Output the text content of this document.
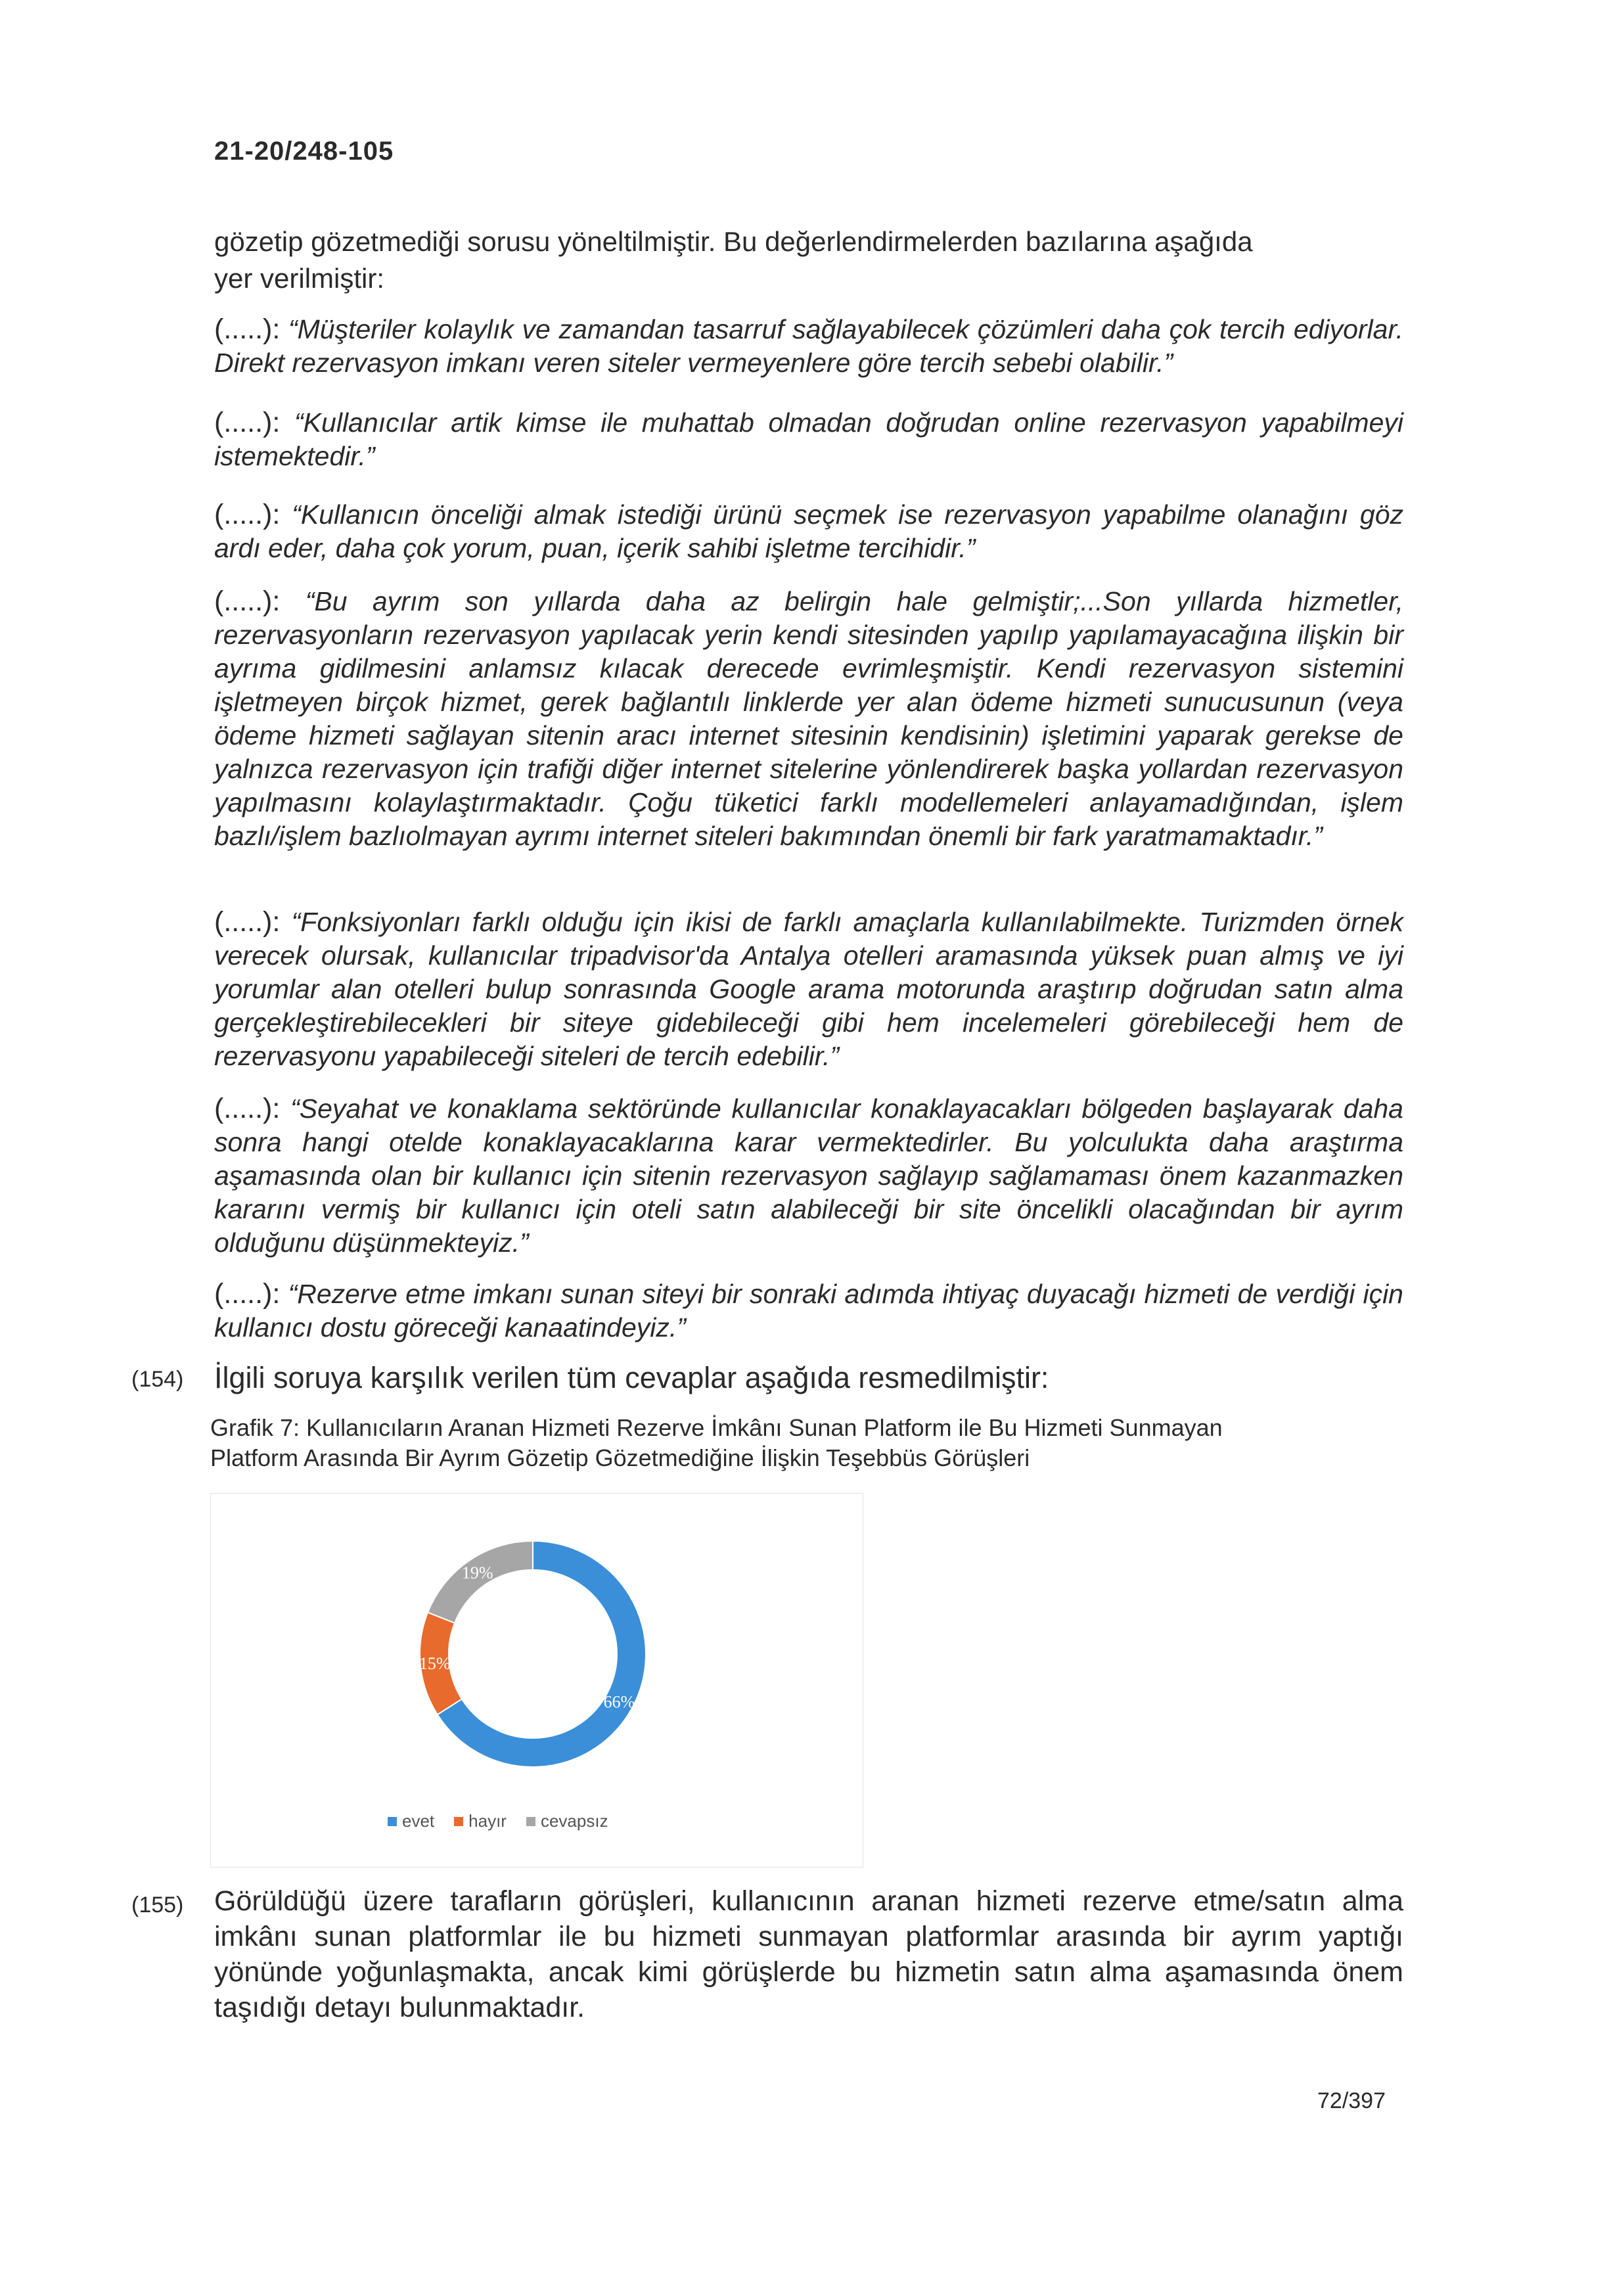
21-20/248-105
gözetip gözetmediği sorusu yöneltilmiştir. Bu değerlendirmelerden bazılarına aşağıda
yer verilmiştir:
(.....): “Müşteriler kolaylık ve zamandan tasarruf sağlayabilecek çözümleri daha çok tercih ediyorlar. Direkt rezervasyon imkanı veren siteler vermeyenlere göre tercih sebebi olabilir.”
(.....): “Kullanıcılar artik kimse ile muhattab olmadan doğrudan online rezervasyon yapabilmeyi istemektedir.”
(.....): “Kullanıcın önceliği almak istediği ürünü seçmek ise rezervasyon yapabilme olanağını göz ardı eder, daha çok yorum, puan, içerik sahibi işletme tercihidir.”
(.....): “Bu ayrım son yıllarda daha az belirgin hale gelmiştir;...Son yıllarda hizmetler, rezervasyonların rezervasyon yapılacak yerin kendi sitesinden yapılıp yapılamayacağına ilişkin bir ayrıma gidilmesini anlamsız kılacak derecede evrimleşmiştir. Kendi rezervasyon sistemini işletmeyen birçok hizmet, gerek bağlantılı linklerde yer alan ödeme hizmeti sunucusunun (veya ödeme hizmeti sağlayan sitenin aracı internet sitesinin kendisinin) işletimini yaparak gerekse de yalnızca rezervasyon için trafiği diğer internet sitelerine yönlendirerek başka yollardan rezervasyon yapılmasını kolaylaştırmaktadır. Çoğu tüketici farklı modellemeleri anlayamadığından, işlem bazlı/işlem bazlıolmayan ayrımı internet siteleri bakımından önemli bir fark yaratmamaktadır.”
(.....): “Fonksiyonları farklı olduğu için ikisi de farklı amaçlarla kullanılabilmekte. Turizmden örnek verecek olursak, kullanıcılar tripadvisor'da Antalya otelleri aramasında yüksek puan almış ve iyi yorumlar alan otelleri bulup sonrasında Google arama motorunda araştırıp doğrudan satın alma gerçekleştirebilecekleri bir siteye gidebileceği gibi hem incelemeleri görebileceği hem de rezervasyonu yapabileceği siteleri de tercih edebilir.”
(.....): “Seyahat ve konaklama sektöründe kullanıcılar konaklayacakları bölgeden başlayarak daha sonra hangi otelde konaklayacaklarına karar vermektedirler. Bu yolculukta daha araştırma aşamasında olan bir kullanıcı için sitenin rezervasyon sağlayıp sağlamaması önem kazanmazken kararını vermiş bir kullanıcı için oteli satın alabileceği bir site öncelikli olacağından bir ayrım olduğunu düşünmekteyiz.”
(.....): “Rezerve etme imkanı sunan siteyi bir sonraki adımda ihtiyaç duyacağı hizmeti de verdiği için kullanıcı dostu göreceği kanaatindeyiz.”
(154) İlgili soruya karşılık verilen tüm cevaplar aşağıda resmedilmiştir:
Grafik 7: Kullanıcıların Aranan Hizmeti Rezerve İmkânı Sunan Platform ile Bu Hizmeti Sunmayan
Platform Arasında Bir Ayrım Gözetip Gözetmediğine İlişkin Teşebbüs Görüşleri
66%
15%
19%
evet hayır cevapsız
(155) Görüldüğü üzere tarafların görüşleri, kullanıcının aranan hizmeti rezerve etme/satın alma imkânı sunan platformlar ile bu hizmeti sunmayan platformlar arasında bir ayrım yaptığı yönünde yoğunlaşmakta, ancak kimi görüşlerde bu hizmetin satın alma aşamasında önem taşıdığı detayı bulunmaktadır.
72/397
